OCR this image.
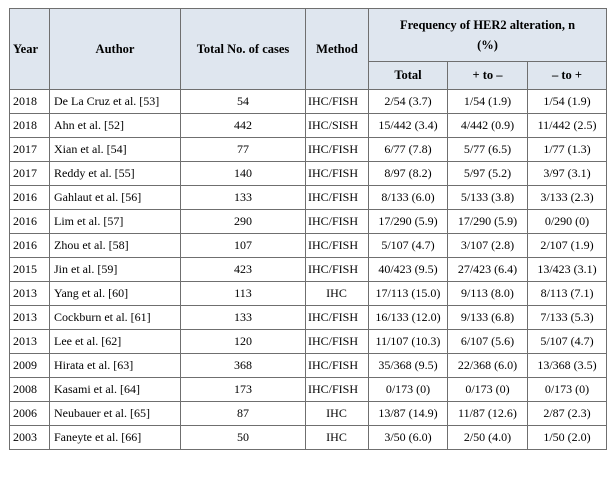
Year	Author	Total No. of cases	Method	Frequency of HER2 alteration, n
(%)		
				Total	+ to –	– to +
2018	De La Cruz et al. [53]	54	IHC/FISH	2/54 (3.7)	1/54 (1.9)	1/54 (1.9)
2018	Ahn et al. [52]	442	IHC/SISH	15/442 (3.4)	4/442 (0.9)	11/442 (2.5)
2017	Xian et al. [54]	77	IHC/FISH	6/77 (7.8)	5/77 (6.5)	1/77 (1.3)
2017	Reddy et al. [55]	140	IHC/FISH	8/97 (8.2)	5/97 (5.2)	3/97 (3.1)
2016	Gahlaut et al. [56]	133	IHC/FISH	8/133 (6.0)	5/133 (3.8)	3/133 (2.3)
2016	Lim et al. [57]	290	IHC/FISH	17/290 (5.9)	17/290 (5.9)	0/290 (0)
2016	Zhou et al. [58]	107	IHC/FISH	5/107 (4.7)	3/107 (2.8)	2/107 (1.9)
2015	Jin et al. [59]	423	IHC/FISH	40/423 (9.5)	27/423 (6.4)	13/423 (3.1)
2013	Yang et al. [60]	113	IHC	17/113 (15.0)	9/113 (8.0)	8/113 (7.1)
2013	Cockburn et al. [61]	133	IHC/FISH	16/133 (12.0)	9/133 (6.8)	7/133 (5.3)
2013	Lee et al. [62]	120	IHC/FISH	11/107 (10.3)	6/107 (5.6)	5/107 (4.7)
2009	Hirata et al. [63]	368	IHC/FISH	35/368 (9.5)	22/368 (6.0)	13/368 (3.5)
2008	Kasami et al. [64]	173	IHC/FISH	0/173 (0)	0/173 (0)	0/173 (0)
2006	Neubauer et al. [65]	87	IHC	13/87 (14.9)	11/87 (12.6)	2/87 (2.3)
2003	Faneyte et al. [66]	50	IHC	3/50 (6.0)	2/50 (4.0)	1/50 (2.0)
